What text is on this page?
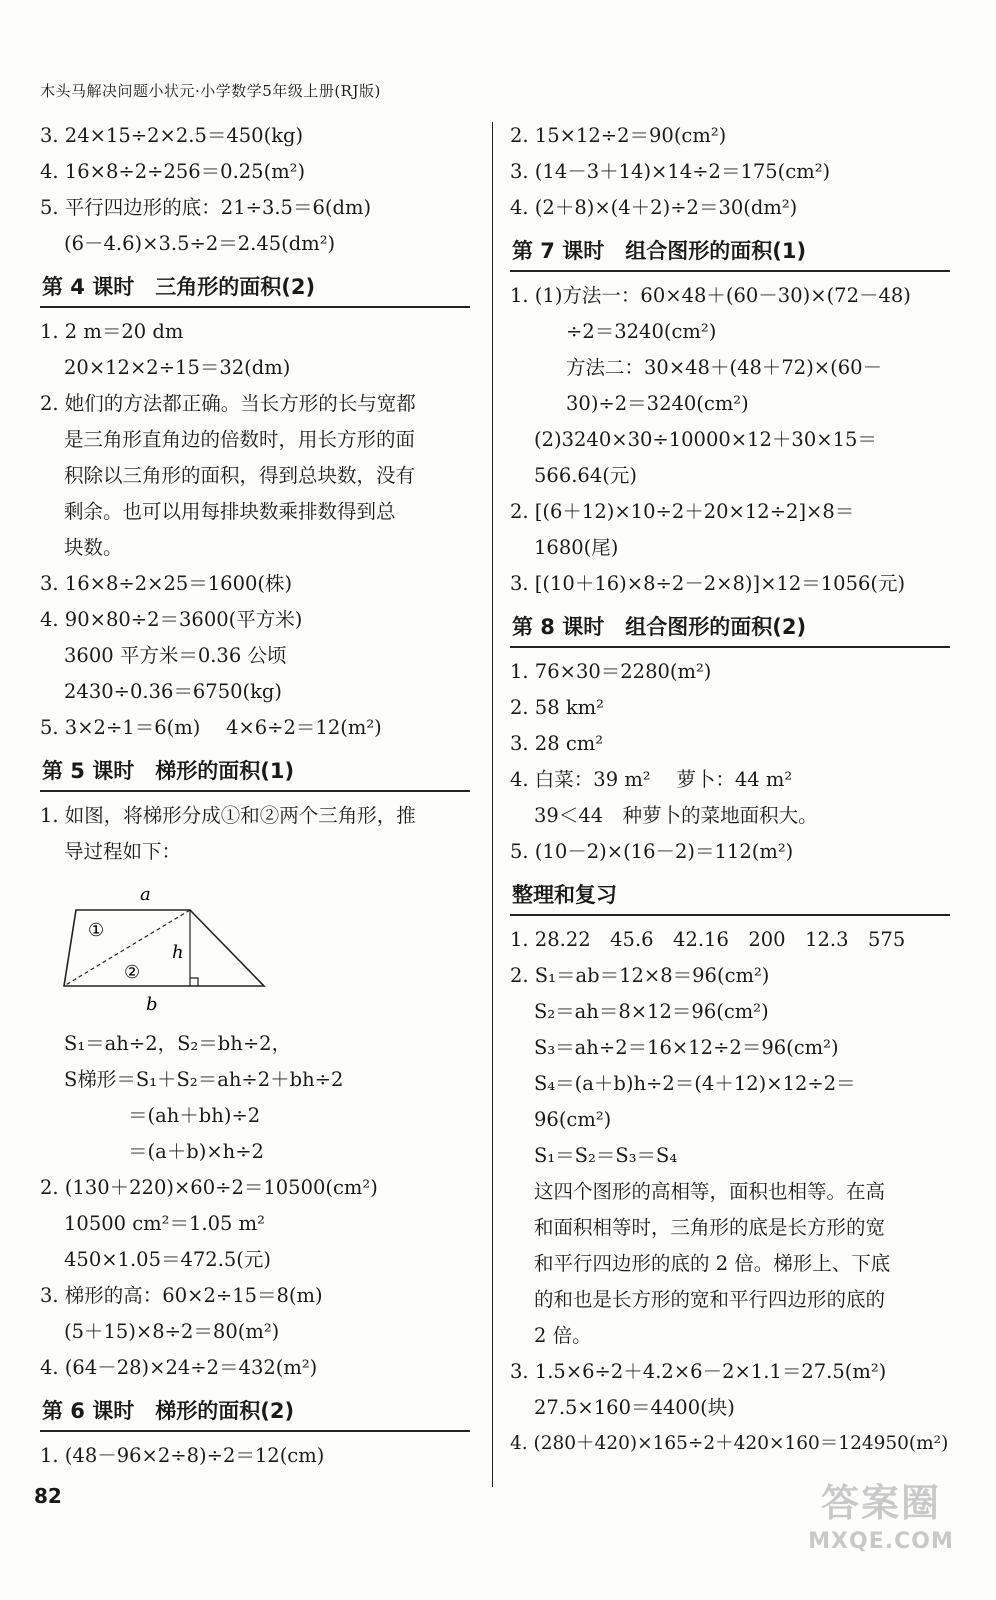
木头马解决问题小状元·小学数学5年级上册(RJ版)
3. 24×15÷2×2.5＝450(kg)
4. 16×8÷2÷256＝0.25(m²)
5. 平行四边形的底：21÷3.5＝6(dm)
(6－4.6)×3.5÷2＝2.45(dm²)
第 4 课时　三角形的面积(2)
1. 2 m＝20 dm
20×12×2÷15＝32(dm)
2. 她们的方法都正确。当长方形的长与宽都
是三角形直角边的倍数时，用长方形的面
积除以三角形的面积，得到总块数，没有
剩余。也可以用每排块数乘排数得到总
块数。
3. 16×8÷2×25＝1600(株)
4. 90×80÷2＝3600(平方米)
3600 平方米＝0.36 公顷
2430÷0.36＝6750(kg)
5. 3×2÷1＝6(m)　 4×6÷2＝12(m²)
第 5 课时　梯形的面积(1)
1. 如图，将梯形分成①和②两个三角形，推
导过程如下：
a
b
h
①
②
S₁＝ah÷2，S₂＝bh÷2，
S梯形＝S₁＋S₂＝ah÷2＋bh÷2
＝(ah＋bh)÷2
＝(a＋b)×h÷2
2. (130＋220)×60÷2＝10500(cm²)
10500 cm²＝1.05 m²
450×1.05＝472.5(元)
3. 梯形的高：60×2÷15＝8(m)
(5＋15)×8÷2＝80(m²)
4. (64－28)×24÷2＝432(m²)
第 6 课时　梯形的面积(2)
1. (48－96×2÷8)÷2＝12(cm)
2. 15×12÷2＝90(cm²)
3. (14－3＋14)×14÷2＝175(cm²)
4. (2＋8)×(4＋2)÷2＝30(dm²)
第 7 课时　组合图形的面积(1)
1. (1)方法一：60×48＋(60－30)×(72－48)
÷2＝3240(cm²)
方法二：30×48＋(48＋72)×(60－
30)÷2＝3240(cm²)
(2)3240×30÷10000×12＋30×15＝
566.64(元)
2. [(6＋12)×10÷2＋20×12÷2]×8＝
1680(尾)
3. [(10＋16)×8÷2－2×8)]×12＝1056(元)
第 8 课时　组合图形的面积(2)
1. 76×30＝2280(m²)
2. 58 km²
3. 28 cm²
4. 白菜：39 m²　 萝卜：44 m²
39＜44　种萝卜的菜地面积大。
5. (10－2)×(16－2)＝112(m²)
整理和复习
1. 28.22　45.6　42.16　200　12.3　575
2. S₁＝ab＝12×8＝96(cm²)
S₂＝ah＝8×12＝96(cm²)
S₃＝ah÷2＝16×12÷2＝96(cm²)
S₄＝(a＋b)h÷2＝(4＋12)×12÷2＝
96(cm²)
S₁＝S₂＝S₃＝S₄
这四个图形的高相等，面积也相等。在高
和面积相等时，三角形的底是长方形的宽
和平行四边形的底的 2 倍。梯形上、下底
的和也是长方形的宽和平行四边形的底的
2 倍。
3. 1.5×6÷2＋4.2×6－2×1.1＝27.5(m²)
27.5×160＝4400(块)
4. (280＋420)×165÷2＋420×160＝124950(m²)
82	答案圈
MXQE.COM
